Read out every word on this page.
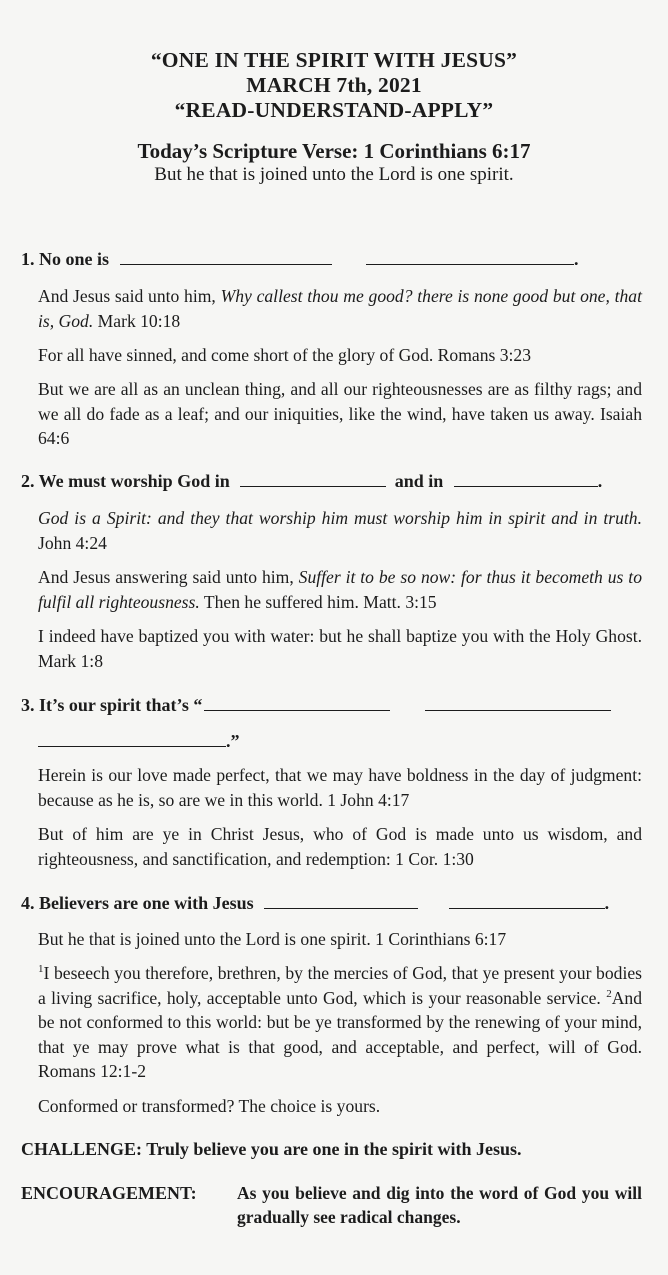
“ONE IN THE SPIRIT WITH JESUS”
MARCH 7th, 2021
“READ-UNDERSTAND-APPLY”
Today’s Scripture Verse: 1 Corinthians 6:17
But he that is joined unto the Lord is one spirit.
1. No one is	.
And Jesus said unto him, Why callest thou me good? there is none good but one, that is, God. Mark 10:18
For all have sinned, and come short of the glory of God. Romans 3:23
But we are all as an unclean thing, and all our righteousnesses are as filthy rags; and we all do fade as a leaf; and our iniquities, like the wind, have taken us away. Isaiah 64:6
2. We must worship God in	and in	.
God is a Spirit: and they that worship him must worship him in spirit and in truth. John 4:24
And Jesus answering said unto him, Suffer it to be so now: for thus it becometh us to fulfil all righteousness. Then he suffered him. Matt. 3:15
I indeed have baptized you with water: but he shall baptize you with the Holy Ghost. Mark 1:8
3. It’s our spirit that’s “
.”
Herein is our love made perfect, that we may have boldness in the day of judgment: because as he is, so are we in this world. 1 John 4:17
But of him are ye in Christ Jesus, who of God is made unto us wisdom, and righteousness, and sanctification, and redemption: 1 Cor. 1:30
4. Believers are one with Jesus	.
But he that is joined unto the Lord is one spirit. 1 Corinthians 6:17
$^1$I beseech you therefore, brethren, by the mercies of God, that ye present your bodies a living sacrifice, holy, acceptable unto God, which is your reasonable service. $^2$And be not conformed to this world: but be ye transformed by the renewing of your mind, that ye may prove what is that good, and acceptable, and perfect, will of God. Romans 12:1-2
Conformed or transformed? The choice is yours.
CHALLENGE: Truly believe you are one in the spirit with Jesus.
ENCOURAGEMENT: As you believe and dig into the word of God you will gradually see radical changes.
